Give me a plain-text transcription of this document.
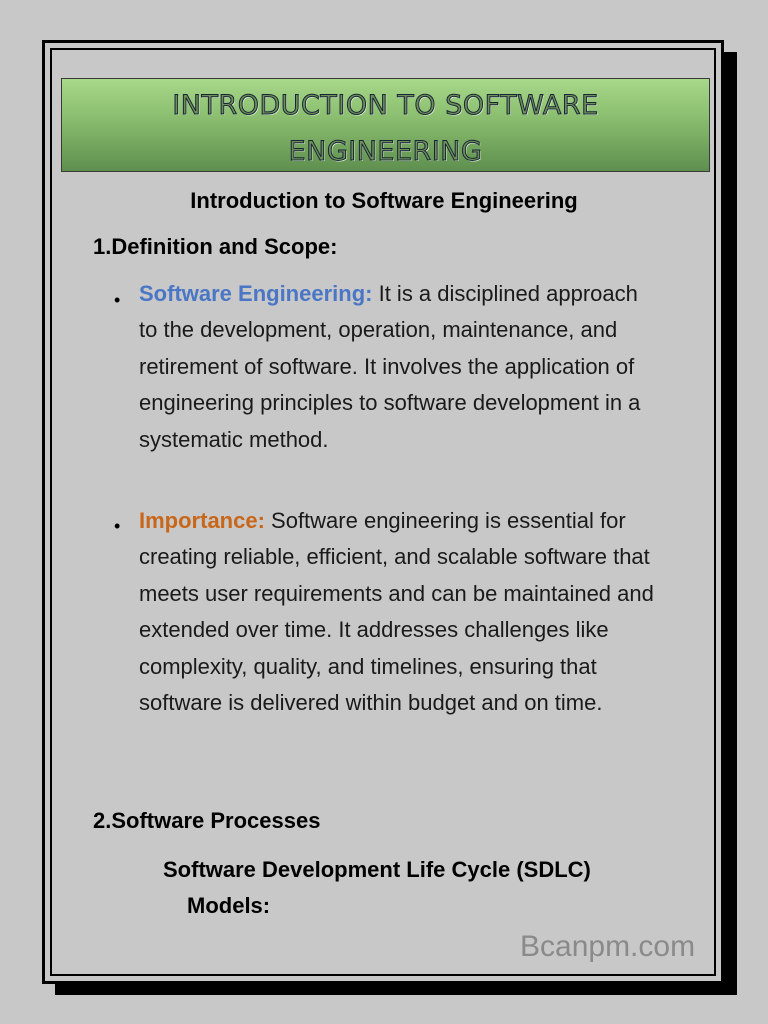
INTRODUCTION TO SOFTWARE
ENGINEERING
Introduction to Software Engineering
1.Definition and Scope:
• Software Engineering: It is a disciplined approach to the development, operation, maintenance, and retirement of software. It involves the application of engineering principles to software development in a systematic method.
• Importance: Software engineering is essential for creating reliable, efficient, and scalable software that meets user requirements and can be maintained and extended over time. It addresses challenges like complexity, quality, and timelines, ensuring that software is delivered within budget and on time.
2.Software Processes
Software Development Life Cycle (SDLC)
Models:
Bcanpm.com
